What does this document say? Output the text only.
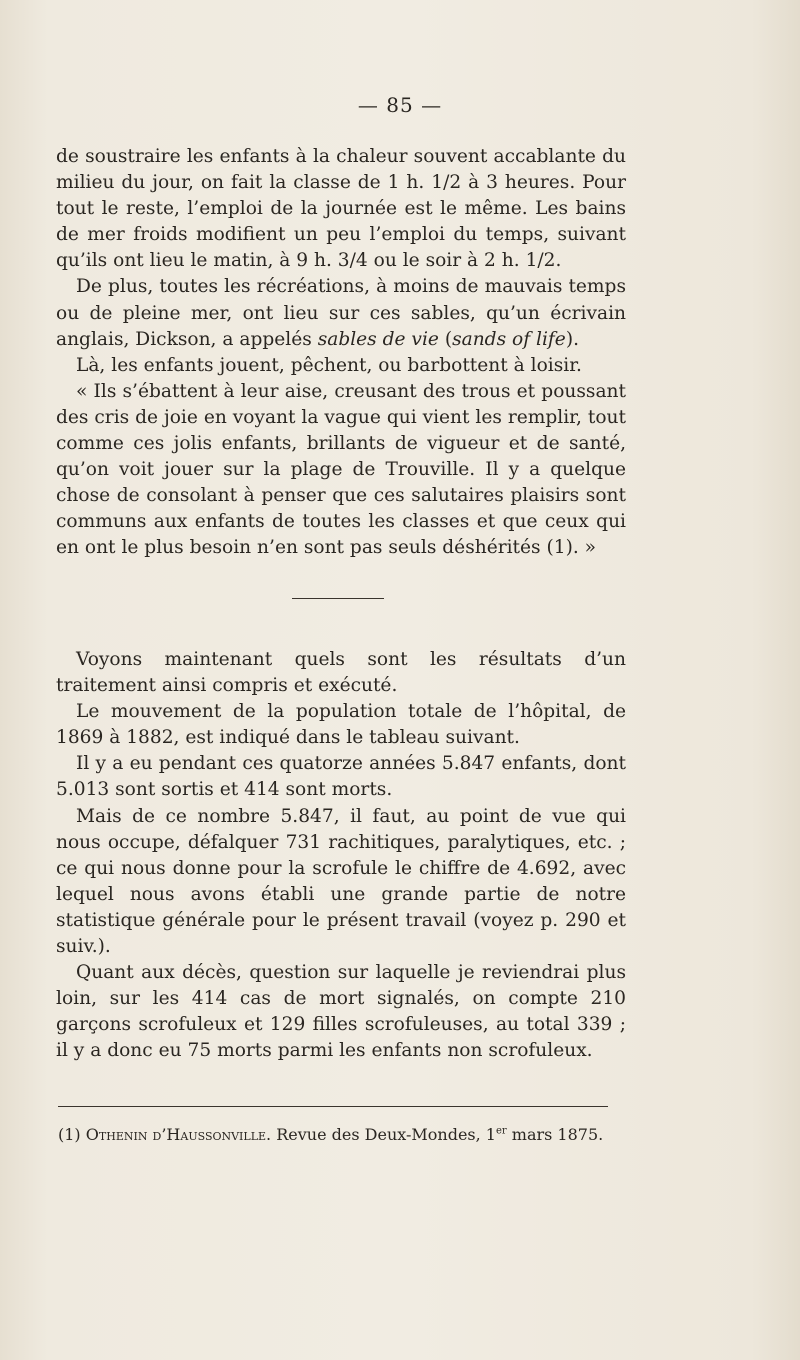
— 85 —

de soustraire les enfants à la chaleur souvent accablante du milieu du jour, on fait la classe de 1 h. 1/2 à 3 heures. Pour tout le reste, l’emploi de la journée est le même. Les bains de mer froids modifient un peu l’emploi du temps, suivant qu’ils ont lieu le matin, à 9 h. 3/4 ou le soir à 2 h. 1/2.

De plus, toutes les récréations, à moins de mauvais temps ou de pleine mer, ont lieu sur ces sables, qu’un écrivain anglais, Dickson, a appelés sables de vie (sands of life).

Là, les enfants jouent, pêchent, ou barbottent à loisir.

« Ils s’ébattent à leur aise, creusant des trous et poussant des cris de joie en voyant la vague qui vient les remplir, tout comme ces jolis enfants, brillants de vigueur et de santé, qu’on voit jouer sur la plage de Trouville. Il y a quelque chose de consolant à penser que ces salutaires plaisirs sont communs aux enfants de toutes les classes et que ceux qui en ont le plus besoin n’en sont pas seuls déshérités (1). »

Voyons maintenant quels sont les résultats d’un traitement ainsi compris et exécuté.

Le mouvement de la population totale de l’hôpital, de 1869 à 1882, est indiqué dans le tableau suivant.

Il y a eu pendant ces quatorze années 5.847 enfants, dont 5.013 sont sortis et 414 sont morts.

Mais de ce nombre 5.847, il faut, au point de vue qui nous occupe, défalquer 731 rachitiques, paralytiques, etc. ; ce qui nous donne pour la scrofule le chiffre de 4.692, avec lequel nous avons établi une grande partie de notre statistique générale pour le présent travail (voyez p. 290 et suiv.).

Quant aux décès, question sur laquelle je reviendrai plus loin, sur les 414 cas de mort signalés, on compte 210 garçons scrofuleux et 129 filles scrofuleuses, au total 339 ; il y a donc eu 75 morts parmi les enfants non scrofuleux.

(1) Othenin d’Haussonville. Revue des Deux-Mondes, 1er mars 1875.
